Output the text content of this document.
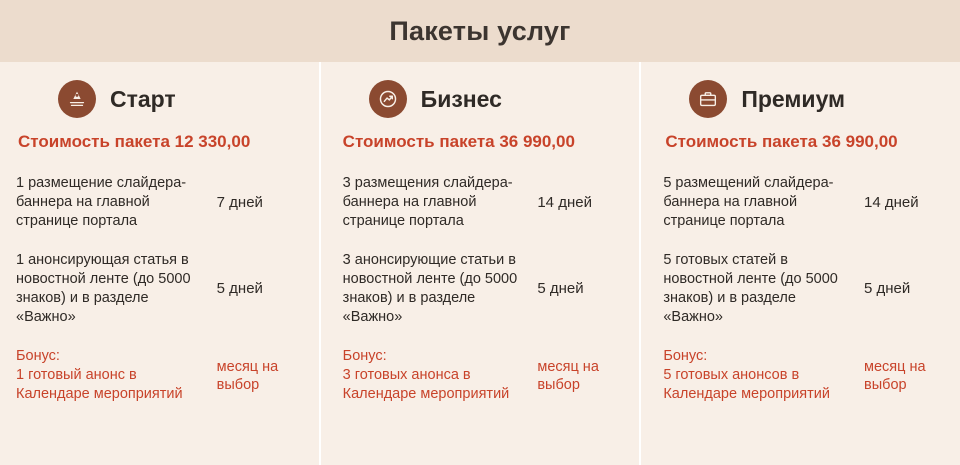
Пакеты услуг
Старт
Стоимость пакета 12 330,00
1 размещение слайдера-баннера на главной странице портала
7 дней
1 анонсирующая статья в новостной ленте (до 5000 знаков) и в разделе «Важно»
5 дней
Бонус:
1 готовый анонс в Календаре мероприятий
месяц на выбор
Бизнес
Стоимость пакета 36 990,00
3 размещения слайдера-баннера на главной странице портала
14 дней
3 анонсирующие статьи в новостной ленте (до 5000 знаков) и в разделе «Важно»
5 дней
Бонус:
3 готовых анонса в Календаре мероприятий
месяц на выбор
Премиум
Стоимость пакета 36 990,00
5 размещений слайдера-баннера на главной странице портала
14 дней
5 готовых статей в новостной ленте (до 5000 знаков) и в разделе «Важно»
5 дней
Бонус:
5 готовых анонсов в Календаре мероприятий
месяц на выбор
